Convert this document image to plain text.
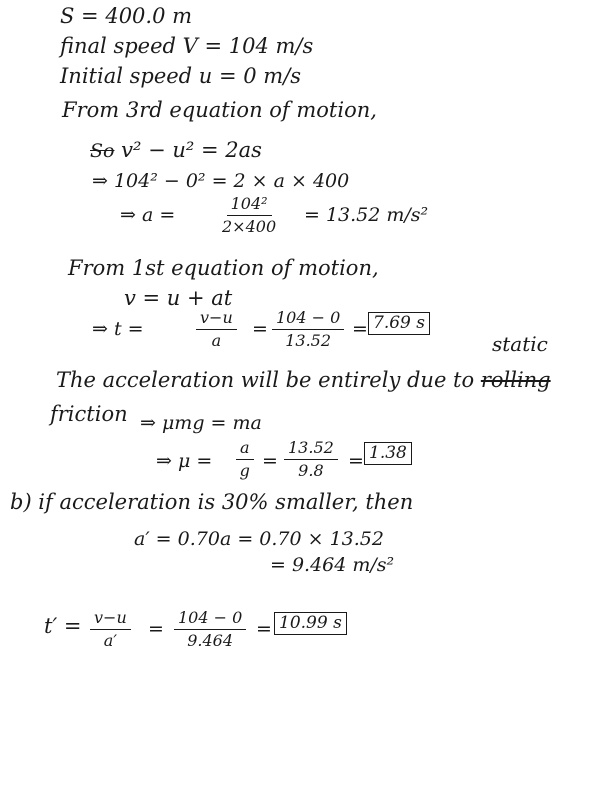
S = 400.0 m
final speed V = 104 m/s
Initial speed u = 0 m/s
From 3rd equation of motion,
So v² − u² = 2as
⇒ 104² − 0² = 2 × a × 400
⇒ a =	$\frac{\text{104²}}{2\times 400} = 13.52$ m/s²
From 1st equation of motion,
v = u + at
⇒ t =	$\frac{v-u}{a} = \frac{104 - 0}{13.52} = 7.69$ s
static
The acceleration will be entirely due to rolling
friction ⇒ μmg = ma
⇒ $\mu = \frac{a}{g} = \frac{13.52}{9.8} = 1.38$
b) if acceleration is 30% smaller, then
a′ = 0.70a = 0.70 × 13.52
= 9.464 m/s²
$t' = \frac{v-u}{a'} = \frac{104 - 0}{9.464} = 10.99$ s
